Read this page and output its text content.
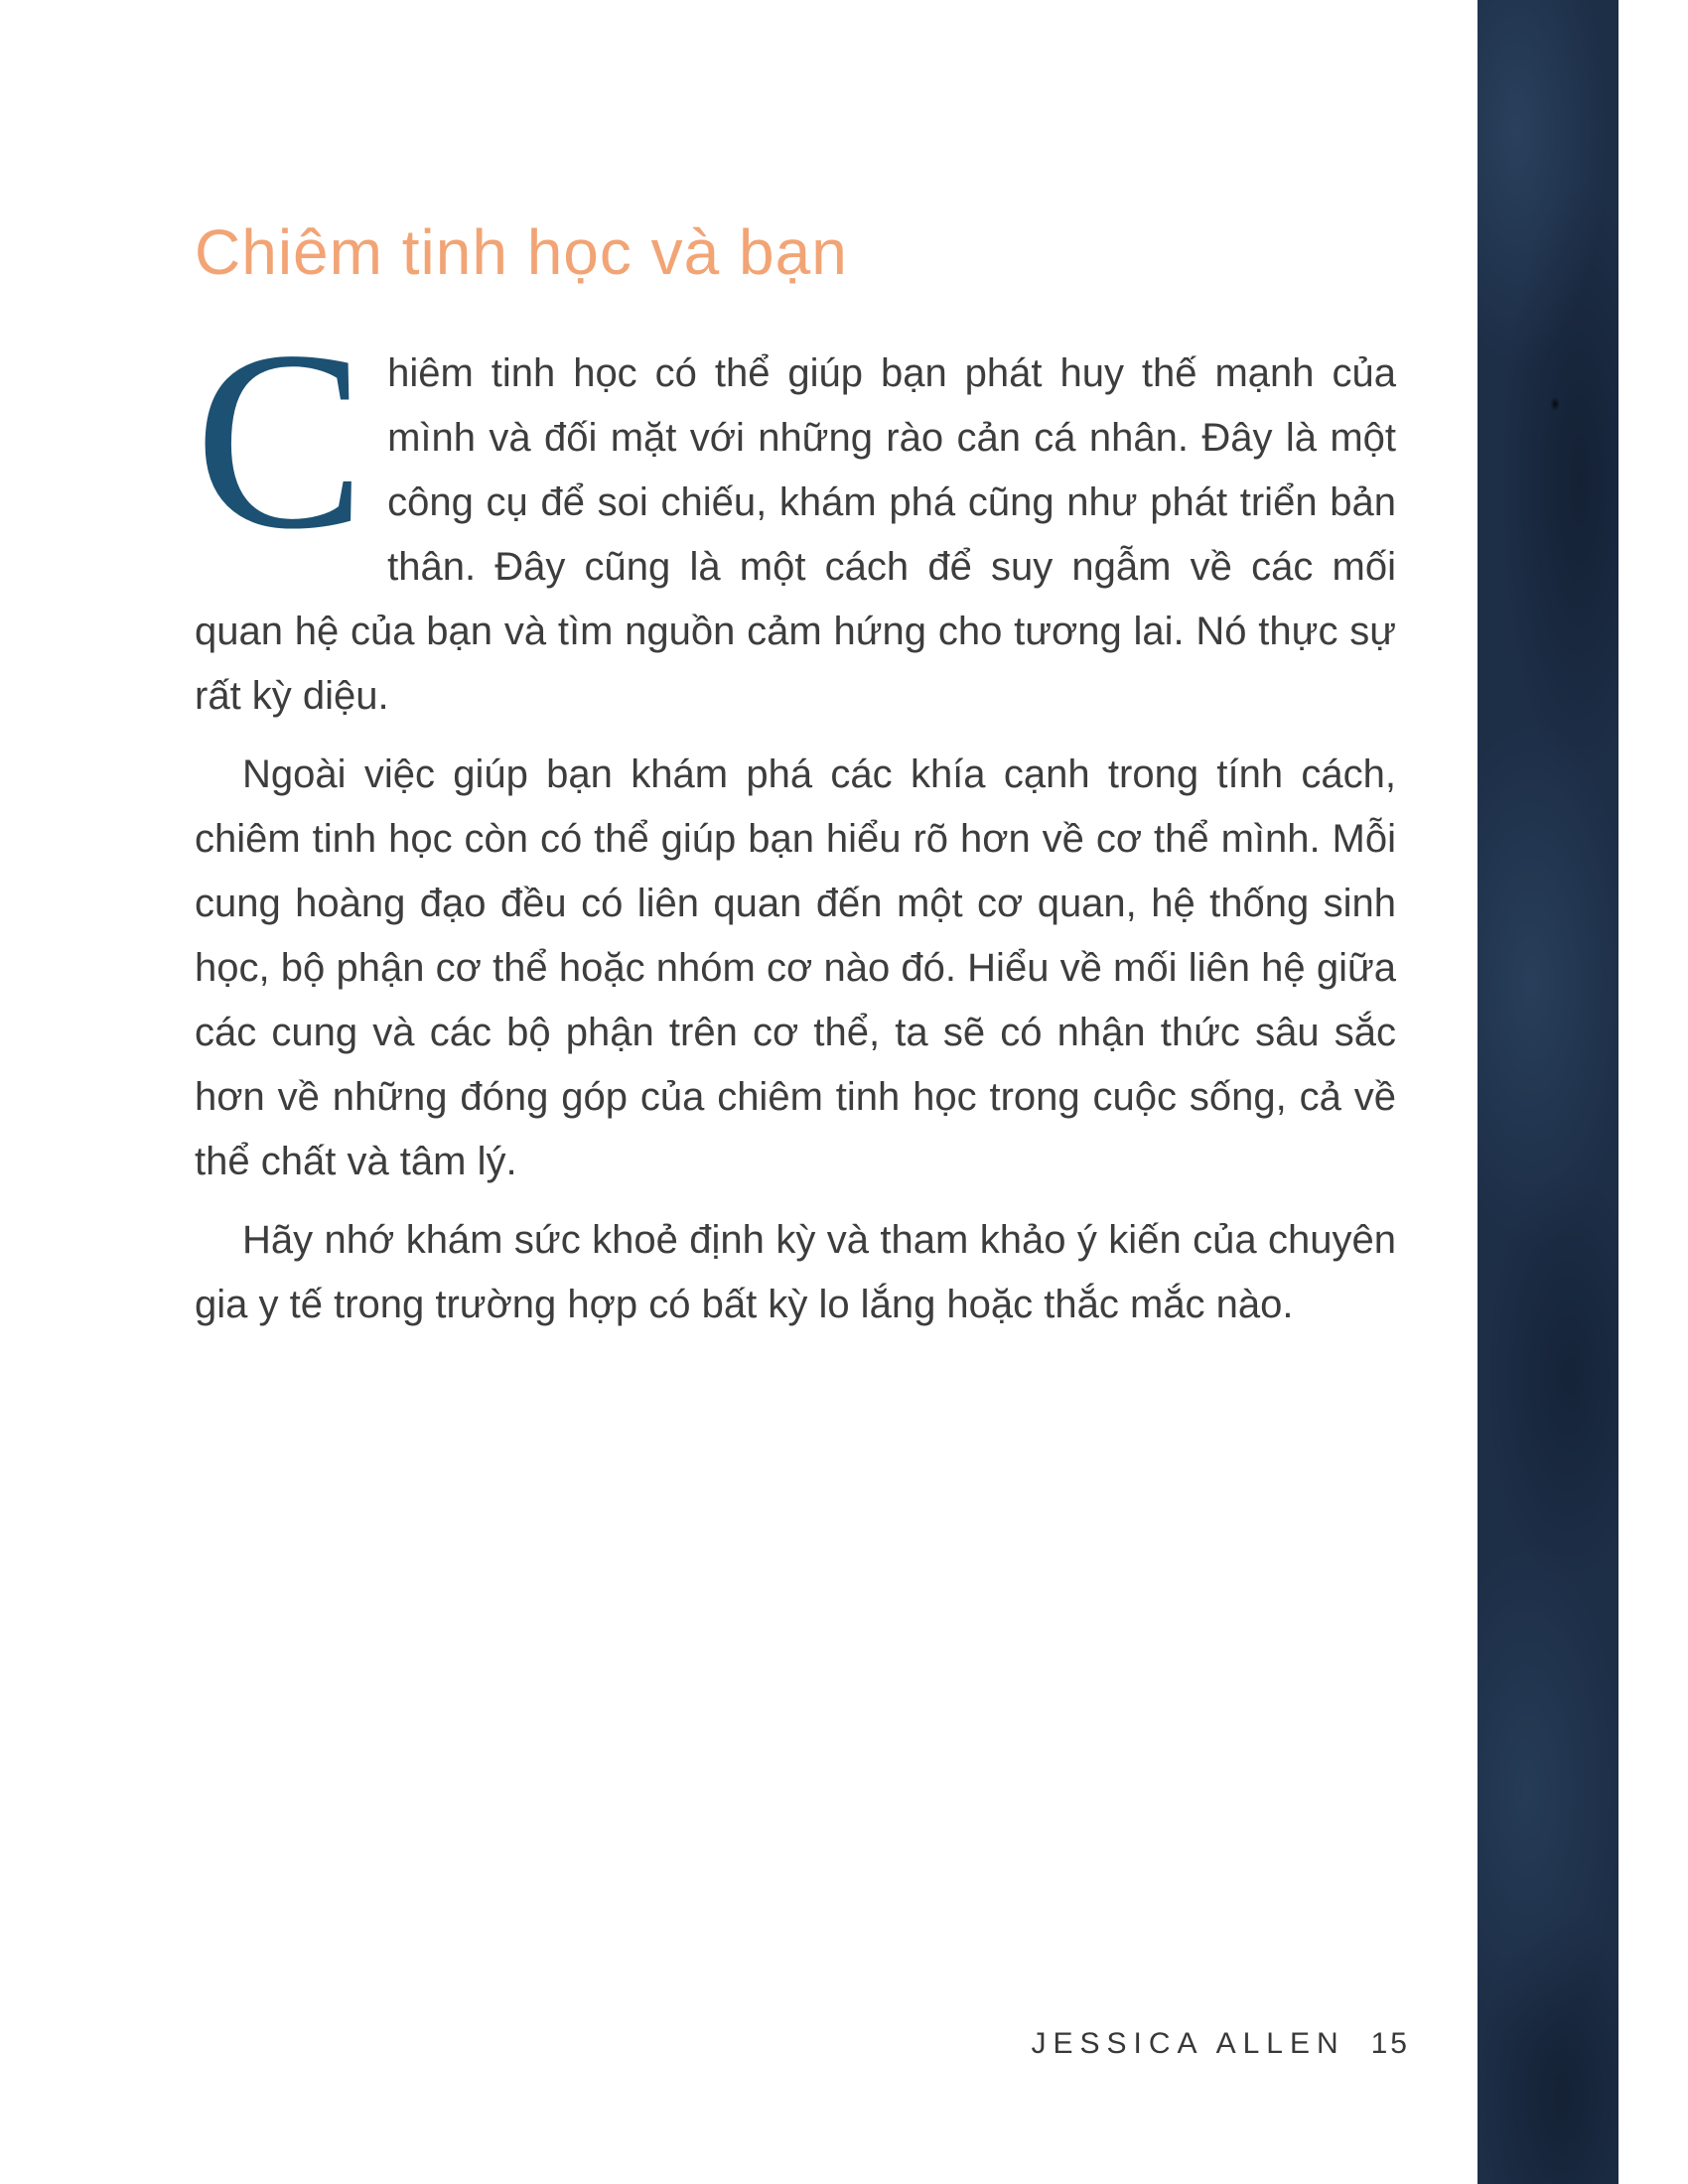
Chiêm tinh học và bạn

Chiêm tinh học có thể giúp bạn phát huy thế mạnh của mình và đối mặt với những rào cản cá nhân. Đây là một công cụ để soi chiếu, khám phá cũng như phát triển bản thân. Đây cũng là một cách để suy ngẫm về các mối quan hệ của bạn và tìm nguồn cảm hứng cho tương lai. Nó thực sự rất kỳ diệu.

Ngoài việc giúp bạn khám phá các khía cạnh trong tính cách, chiêm tinh học còn có thể giúp bạn hiểu rõ hơn về cơ thể mình. Mỗi cung hoàng đạo đều có liên quan đến một cơ quan, hệ thống sinh học, bộ phận cơ thể hoặc nhóm cơ nào đó. Hiểu về mối liên hệ giữa các cung và các bộ phận trên cơ thể, ta sẽ có nhận thức sâu sắc hơn về những đóng góp của chiêm tinh học trong cuộc sống, cả về thể chất và tâm lý.

Hãy nhớ khám sức khoẻ định kỳ và tham khảo ý kiến của chuyên gia y tế trong trường hợp có bất kỳ lo lắng hoặc thắc mắc nào.

JESSICA ALLEN 15
